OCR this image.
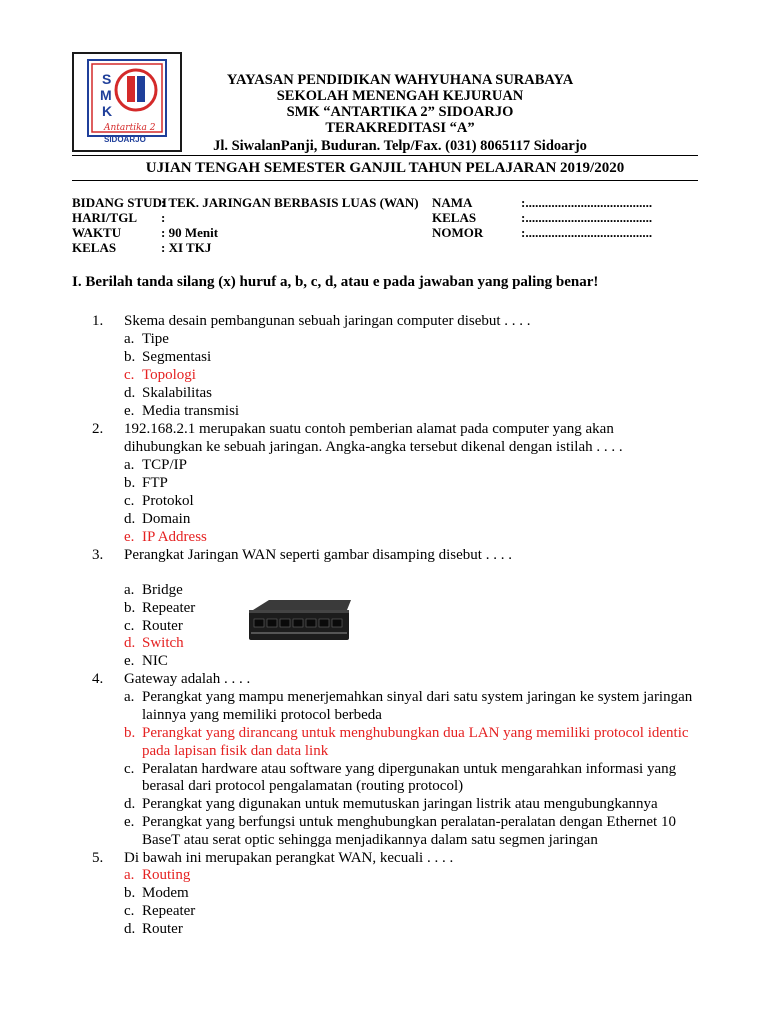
S
M
K
Antartika 2
SIDOARJO
YAYASAN PENDIDIKAN WAHYUHANA SURABAYA
SEKOLAH MENENGAH KEJURUAN
SMK “ANTARTIKA 2” SIDOARJO
TERAKREDITASI “A”
Jl. SiwalanPanji, Buduran. Telp/Fax. (031) 8065117 Sidoarjo
UJIAN TENGAH SEMESTER GANJIL TAHUN PELAJARAN 2019/2020
BIDANG STUDI
HARI/TGL
WAKTU
KELAS
: TEK. JARINGAN BERBASIS LUAS (WAN)
:
: 90 Menit
: XI TKJ
NAMA
KELAS
NOMOR
:.......................................
:.......................................
:.......................................
I. Berilah tanda silang (x) huruf a, b, c, d, atau e pada jawaban yang paling benar!
1. Skema desain pembangunan sebuah jaringan computer disebut . . . .
a. Tipe
b. Segmentasi
c. Topologi
d. Skalabilitas
e. Media transmisi
2. 192.168.2.1 merupakan suatu contoh pemberian alamat pada computer yang akan
dihubungkan ke sebuah jaringan. Angka-angka tersebut dikenal dengan istilah . . . .
a. TCP/IP
b. FTP
c. Protokol
d. Domain
e. IP Address
3. Perangkat Jaringan WAN seperti gambar disamping disebut . . . .
a. Bridge
b. Repeater
c. Router
d. Switch
e. NIC
4. Gateway adalah . . . .
a. Perangkat yang mampu menerjemahkan sinyal dari satu system jaringan ke system jaringan
lainnya yang memiliki protocol berbeda
b. Perangkat yang dirancang untuk menghubungkan dua LAN yang memiliki protocol identic
pada lapisan fisik dan data link
c. Peralatan hardware atau software yang dipergunakan untuk mengarahkan informasi yang
berasal dari protocol pengalamatan (routing protocol)
d. Perangkat yang digunakan untuk memutuskan jaringan listrik atau mengubungkannya
e. Perangkat yang berfungsi untuk menghubungkan peralatan-peralatan dengan Ethernet 10
BaseT atau serat optic sehingga menjadikannya dalam satu segmen jaringan
5. Di bawah ini merupakan perangkat WAN, kecuali . . . .
a. Routing
b. Modem
c. Repeater
d. Router
